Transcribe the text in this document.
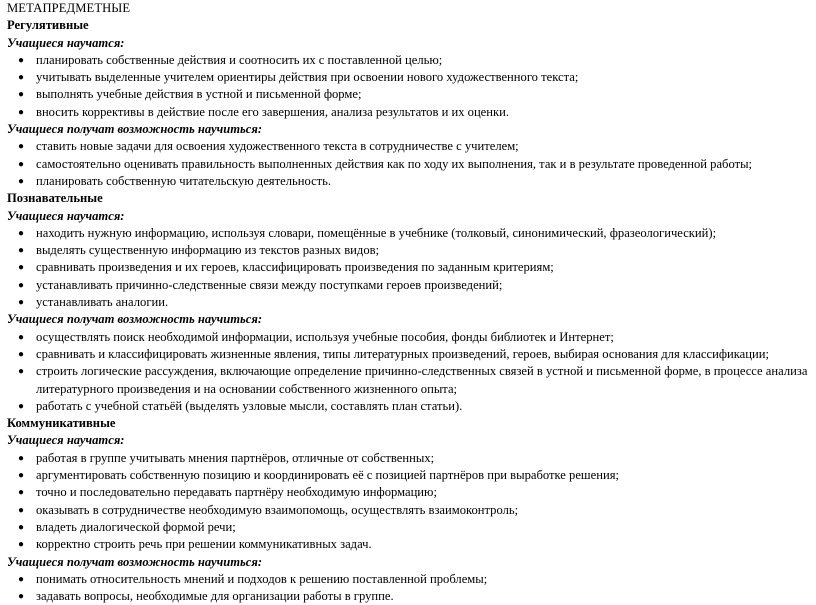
МЕТАПРЕДМЕТНЫЕ
Регулятивные
Учащиеся научатся:
● планировать собственные действия и соотносить их с поставленной целью;
● учитывать выделенные учителем ориентиры действия при освоении нового художественного текста;
● выполнять учебные действия в устной и письменной форме;
● вносить коррективы в действие после его завершения, анализа результатов и их оценки.
Учащиеся получат возможность научиться:
● ставить новые задачи для освоения художественного текста в сотрудничестве с учителем;
● самостоятельно оценивать правильность выполненных действия как по ходу их выполнения, так и в результате проведенной работы;
● планировать собственную читательскую деятельность.
Познавательные
Учащиеся научатся:
● находить нужную информацию, используя словари, помещённые в учебнике (толковый, синонимический, фразеологический);
● выделять существенную информацию из текстов разных видов;
● сравнивать произведения и их героев, классифицировать произведения по заданным критериям;
● устанавливать причинно-следственные связи между поступками героев произведений;
● устанавливать аналогии.
Учащиеся получат возможность научиться:
● осуществлять поиск необходимой информации, используя учебные пособия, фонды библиотек и Интернет;
● сравнивать и классифицировать жизненные явления, типы литературных произведений, героев, выбирая основания для классификации;
● строить логические рассуждения, включающие определение причинно-следственных связей в устной и письменной форме, в процессе анализа литературного произведения и на основании собственного жизненного опыта;
● работать с учебной статьёй (выделять узловые мысли, составлять план статьи).
Коммуникативные
Учащиеся научатся:
● работая в группе учитывать мнения партнёров, отличные от собственных;
● аргументировать собственную позицию и координировать её с позицией партнёров при выработке решения;
● точно и последовательно передавать партнёру необходимую информацию;
● оказывать в сотрудничестве необходимую взаимопомощь, осуществлять взаимоконтроль;
● владеть диалогической формой речи;
● корректно строить речь при решении коммуникативных задач.
Учащиеся получат возможность научиться:
● понимать относительность мнений и подходов к решению поставленной проблемы;
● задавать вопросы, необходимые для организации работы в группе.
